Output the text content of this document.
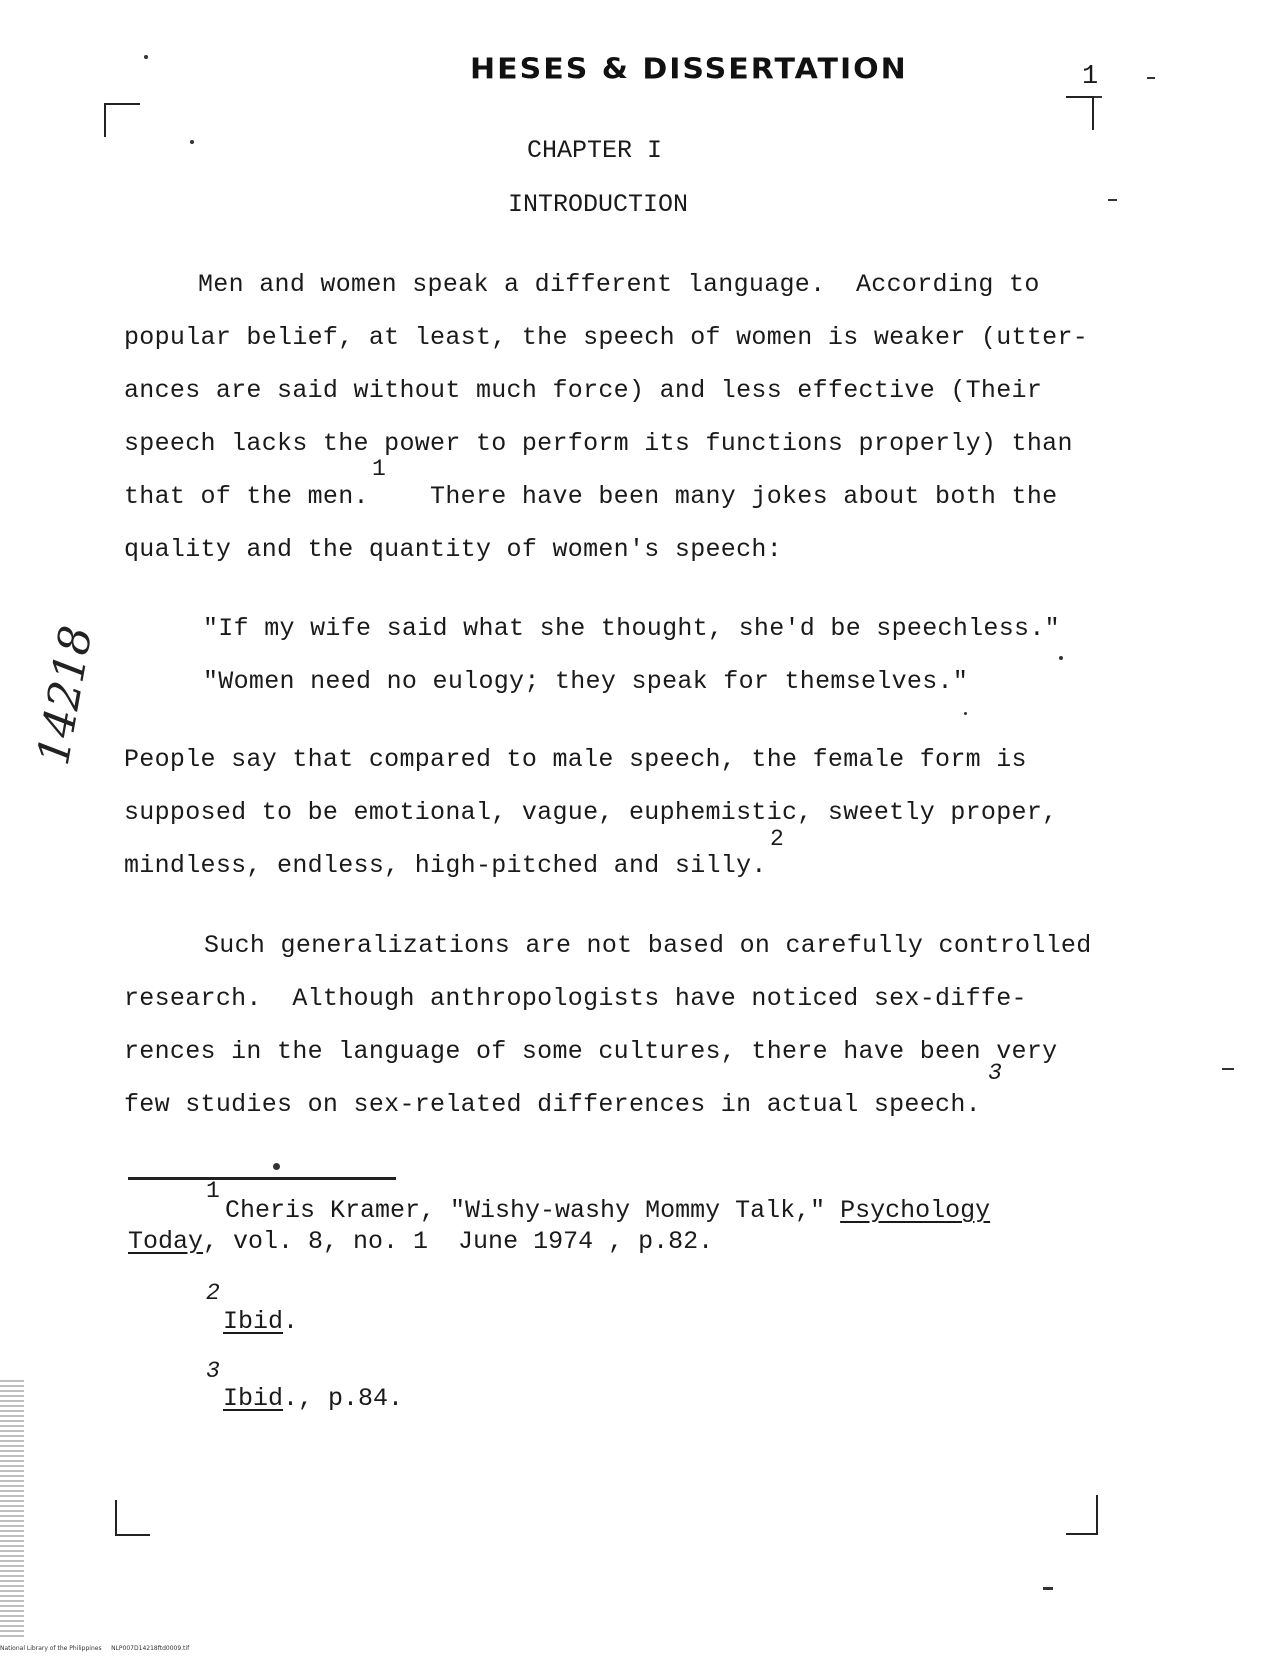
HESES & DISSERTATION	1
CHAPTER I
INTRODUCTION
Men and women speak a different language.  According to
popular belief, at least, the speech of women is weaker (utter-
ances are said without much force) and less effective (Their
speech lacks the power to perform its functions properly) than
1
that of the men.    There have been many jokes about both the
quality and the quantity of women's speech:
"If my wife said what she thought, she'd be speechless."
"Women need no eulogy; they speak for themselves."
People say that compared to male speech, the female form is
supposed to be emotional, vague, euphemistic, sweetly proper,
2
mindless, endless, high-pitched and silly.
Such generalizations are not based on carefully controlled
research.  Although anthropologists have noticed sex-diffe-
rences in the language of some cultures, there have been very
3
few studies on sex-related differences in actual speech.
1
Cheris Kramer, "Wishy-washy Mommy Talk," Psychology
Today, vol. 8, no. 1  June 1974 , p.82.
2
Ibid.
3
Ibid., p.84.
14218
National Library of the Philippines     NLP007D14218ftd0009.tif
